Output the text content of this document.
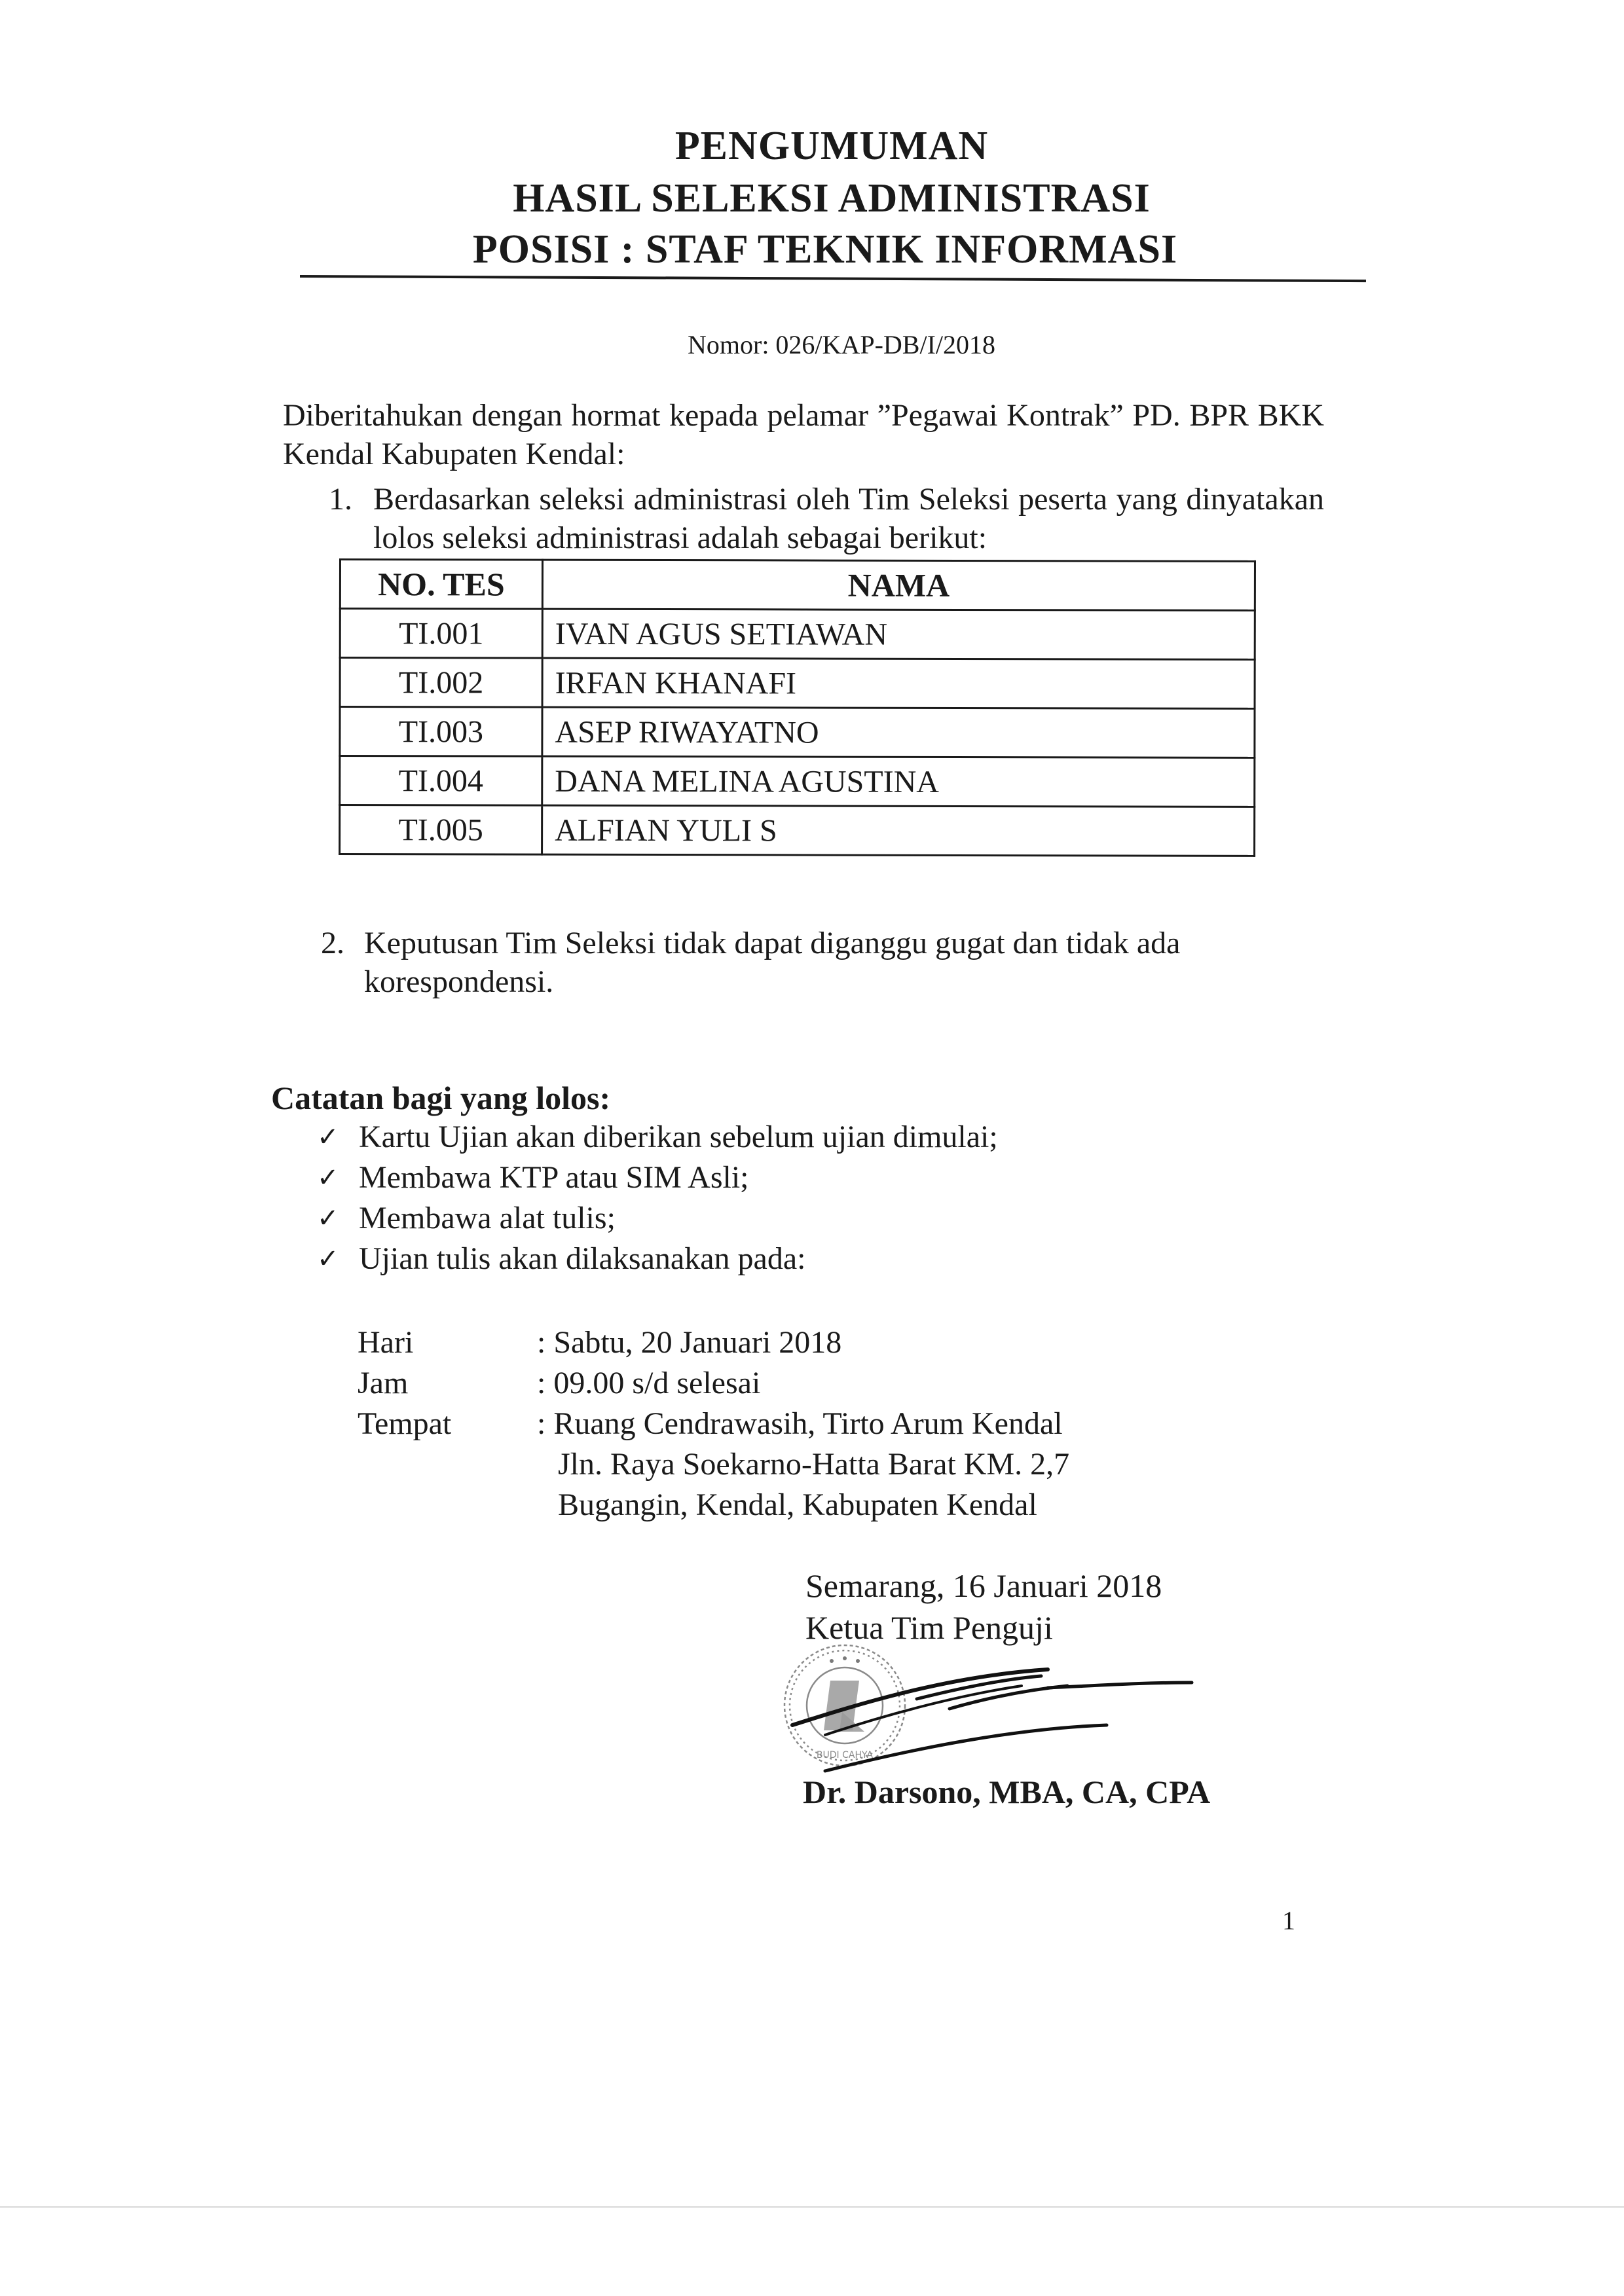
PENGUMUMAN
HASIL SELEKSI ADMINISTRASI
POSISI : STAF TEKNIK INFORMASI
Nomor: 026/KAP-DB/I/2018
Diberitahukan dengan hormat kepada pelamar ”Pegawai Kontrak” PD. BPR BKK Kendal Kabupaten Kendal:
1. Berdasarkan seleksi administrasi oleh Tim Seleksi peserta yang dinyatakan lolos seleksi administrasi adalah sebagai berikut:
NO. TES	NAMA
TI.001	IVAN AGUS SETIAWAN
TI.002	IRFAN KHANAFI
TI.003	ASEP RIWAYATNO
TI.004	DANA MELINA AGUSTINA
TI.005	ALFIAN YULI S
2. Keputusan Tim Seleksi tidak dapat diganggu gugat dan tidak ada korespondensi.
Catatan bagi yang lolos:
✓ Kartu Ujian akan diberikan sebelum ujian dimulai;
✓ Membawa KTP atau SIM Asli;
✓ Membawa alat tulis;
✓ Ujian tulis akan dilaksanakan pada:
Hari	: Sabtu, 20 Januari 2018
Jam	: 09.00 s/d selesai
Tempat	: Ruang Cendrawasih, Tirto Arum Kendal
Jln. Raya Soekarno-Hatta Barat KM. 2,7
Bugangin, Kendal, Kabupaten Kendal
Semarang, 16 Januari 2018
Ketua Tim Penguji
BUDI CAHYA
Dr. Darsono, MBA, CA, CPA
1
